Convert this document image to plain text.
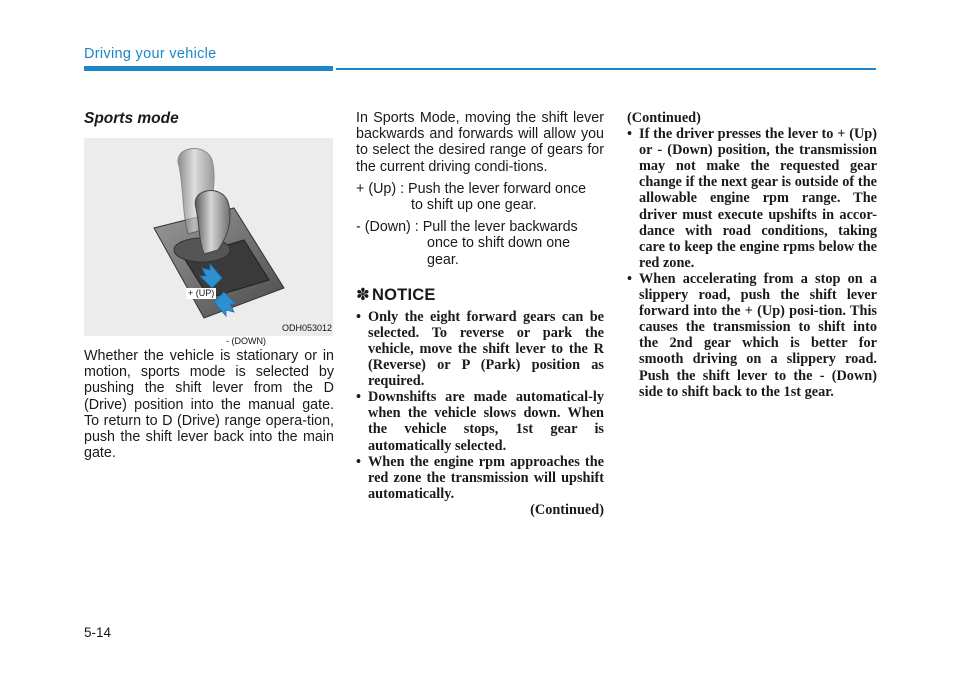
Driving your vehicle
Sports mode
+ (UP)
- (DOWN)
ODH053012

Whether the vehicle is stationary or in motion, sports mode is selected by pushing the shift lever from the D (Drive) position into the manual gate. To return to D (Drive) range opera-tion, push the shift lever back into the main gate.

In Sports Mode, moving the shift lever backwards and forwards will allow you to select the desired range of gears for the current driving condi-tions.

+ (Up) : Push the lever forward once
to shift up one gear.
- (Down) : Pull the lever backwards
once to shift down one gear.
✽ NOTICE
• Only the eight forward gears can be selected. To reverse or park the vehicle, move the shift lever to the R (Reverse) or P (Park) position as required.
• Downshifts are made automatical-ly when the vehicle slows down. When the vehicle stops, 1st gear is automatically selected.
• When the engine rpm approaches the red zone the transmission will upshift automatically.
(Continued)
(Continued)
• If the driver presses the lever to + (Up) or - (Down) position, the transmission may not make the requested gear change if the next gear is outside of the allowable engine rpm range. The driver must execute upshifts in accor-dance with road conditions, taking care to keep the engine rpms below the red zone.
• When accelerating from a stop on a slippery road, push the shift lever forward into the + (Up) posi-tion. This causes the transmission to shift into the 2nd gear which is better for smooth driving on a slippery road. Push the shift lever to the - (Down) side to shift back to the 1st gear.
5-14
